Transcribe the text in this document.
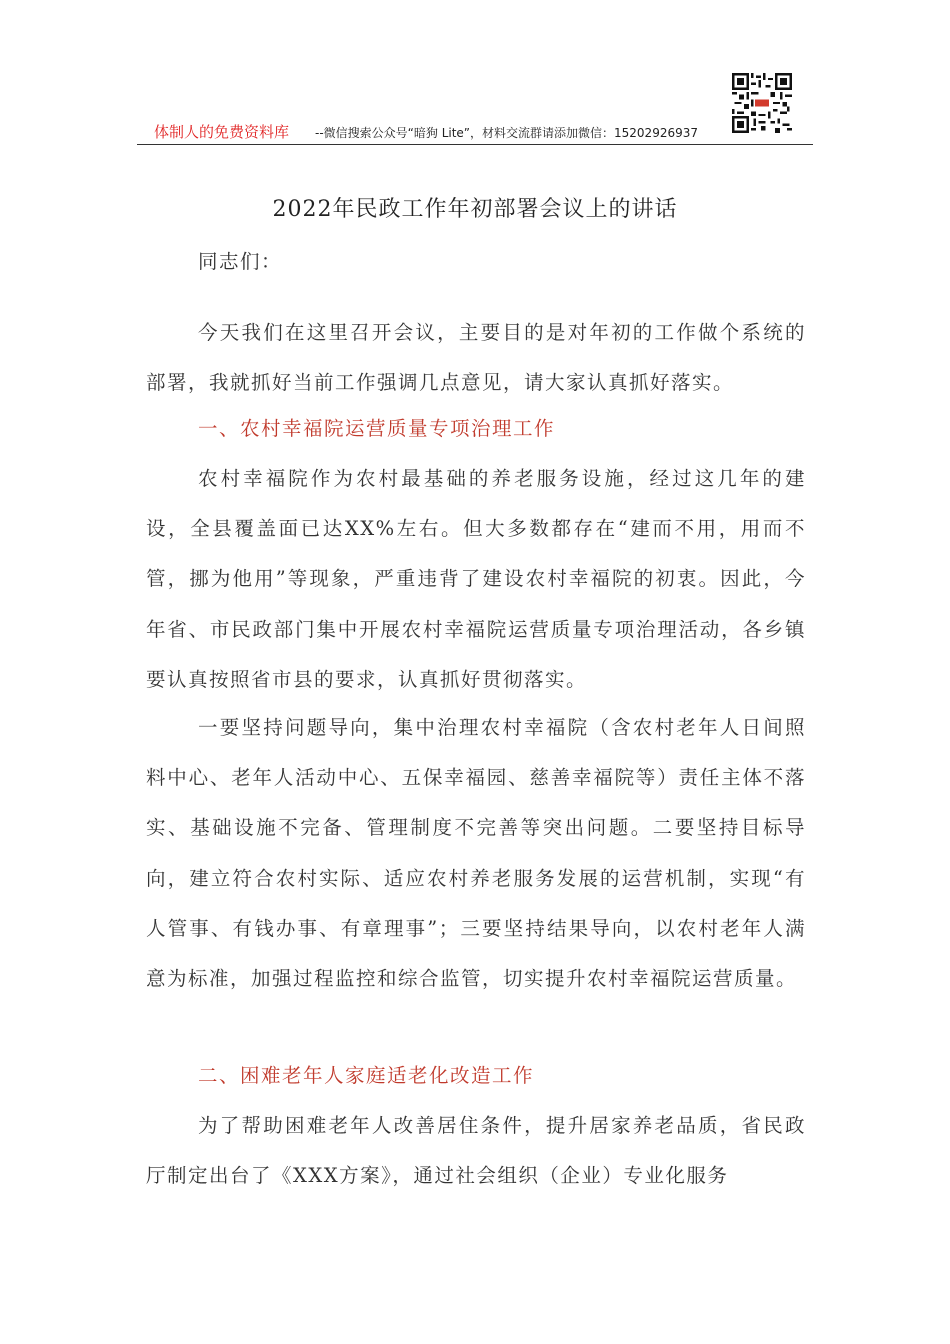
体制人的免费资料库 --微信搜索公众号“暗狗 Lite”，材料交流群请添加微信：15202926937
2022年民政工作年初部署会议上的讲话

同志们：

今天我们在这里召开会议，主要目的是对年初的工作做个系统的部署，我就抓好当前工作强调几点意见，请大家认真抓好落实。

一、农村幸福院运营质量专项治理工作

农村幸福院作为农村最基础的养老服务设施，经过这几年的建设，全县覆盖面已达XX%左右。但大多数都存在“建而不用，用而不管，挪为他用”等现象，严重违背了建设农村幸福院的初衷。因此，今年省、市民政部门集中开展农村幸福院运营质量专项治理活动，各乡镇要认真按照省市县的要求，认真抓好贯彻落实。

一要坚持问题导向，集中治理农村幸福院（含农村老年人日间照料中心、老年人活动中心、五保幸福园、慈善幸福院等）责任主体不落实、基础设施不完备、管理制度不完善等突出问题。二要坚持目标导向，建立符合农村实际、适应农村养老服务发展的运营机制，实现“有人管事、有钱办事、有章理事”；三要坚持结果导向，以农村老年人满意为标准，加强过程监控和综合监管，切实提升农村幸福院运营质量。

二、困难老年人家庭适老化改造工作

为了帮助困难老年人改善居住条件，提升居家养老品质，省民政厅制定出台了《XXX方案》，通过社会组织（企业）专业化服务
